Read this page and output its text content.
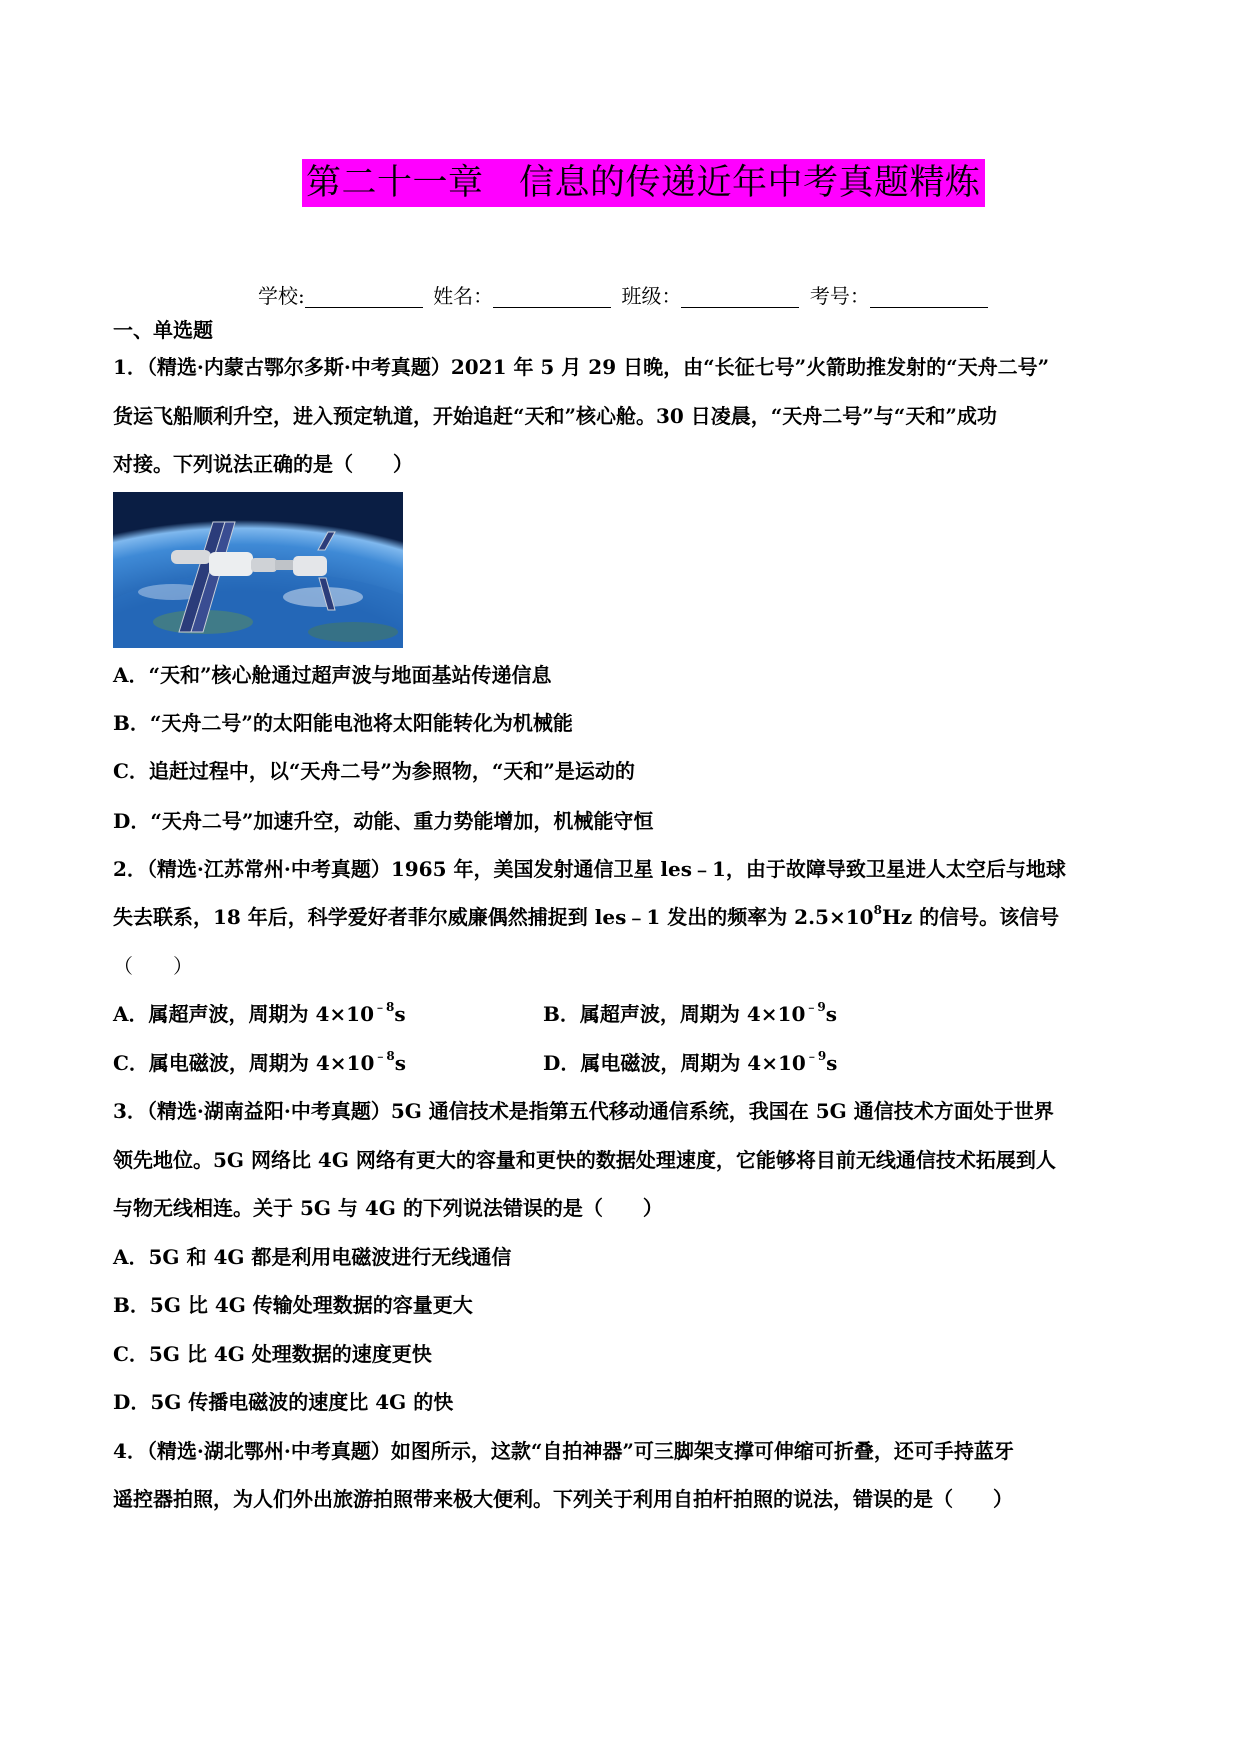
第二十一章　信息的传递近年中考真题精炼
学校:	姓名：	班级：	考号：
一、单选题
1．（精选·内蒙古鄂尔多斯·中考真题）2021 年 5 月 29 日晚，由“长征七号”火箭助推发射的“天舟二号”
货运飞船顺利升空，进入预定轨道，开始追赶“天和”核心舱。30 日凌晨，“天舟二号”与“天和”成功
对接。下列说法正确的是（　　）
A．“天和”核心舱通过超声波与地面基站传递信息
B．“天舟二号”的太阳能电池将太阳能转化为机械能
C．追赶过程中，以“天舟二号”为参照物，“天和”是运动的
D．“天舟二号”加速升空，动能、重力势能增加，机械能守恒
2．（精选·江苏常州·中考真题）1965 年，美国发射通信卫星 les﹣1，由于故障导致卫星进人太空后与地球
失去联系，18 年后，科学爱好者菲尔威廉偶然捕捉到 les﹣1 发出的频率为 $2.5\times 10^8Hz$ 的信号。该信号
（　　）
A．属超声波，周期为 $4\times 10^{﹣8}s$	B．属超声波，周期为 $4\times 10^{﹣9}s$
C．属电磁波，周期为 $4\times 10^{﹣8}s$	D．属电磁波，周期为 $4\times 10^{﹣9}s$
3．（精选·湖南益阳·中考真题）5G 通信技术是指第五代移动通信系统，我国在 5G 通信技术方面处于世界
领先地位。5G 网络比 4G 网络有更大的容量和更快的数据处理速度，它能够将目前无线通信技术拓展到人
与物无线相连。关于 5G 与 4G 的下列说法错误的是（　　）
A．5G 和 4G 都是利用电磁波进行无线通信
B．5G 比 4G 传输处理数据的容量更大
C．5G 比 4G 处理数据的速度更快
D．5G 传播电磁波的速度比 4G 的快
4．（精选·湖北鄂州·中考真题）如图所示，这款“自拍神器”可三脚架支撑可伸缩可折叠，还可手持蓝牙
遥控器拍照，为人们外出旅游拍照带来极大便利。下列关于利用自拍杆拍照的说法，错误的是（　　）
